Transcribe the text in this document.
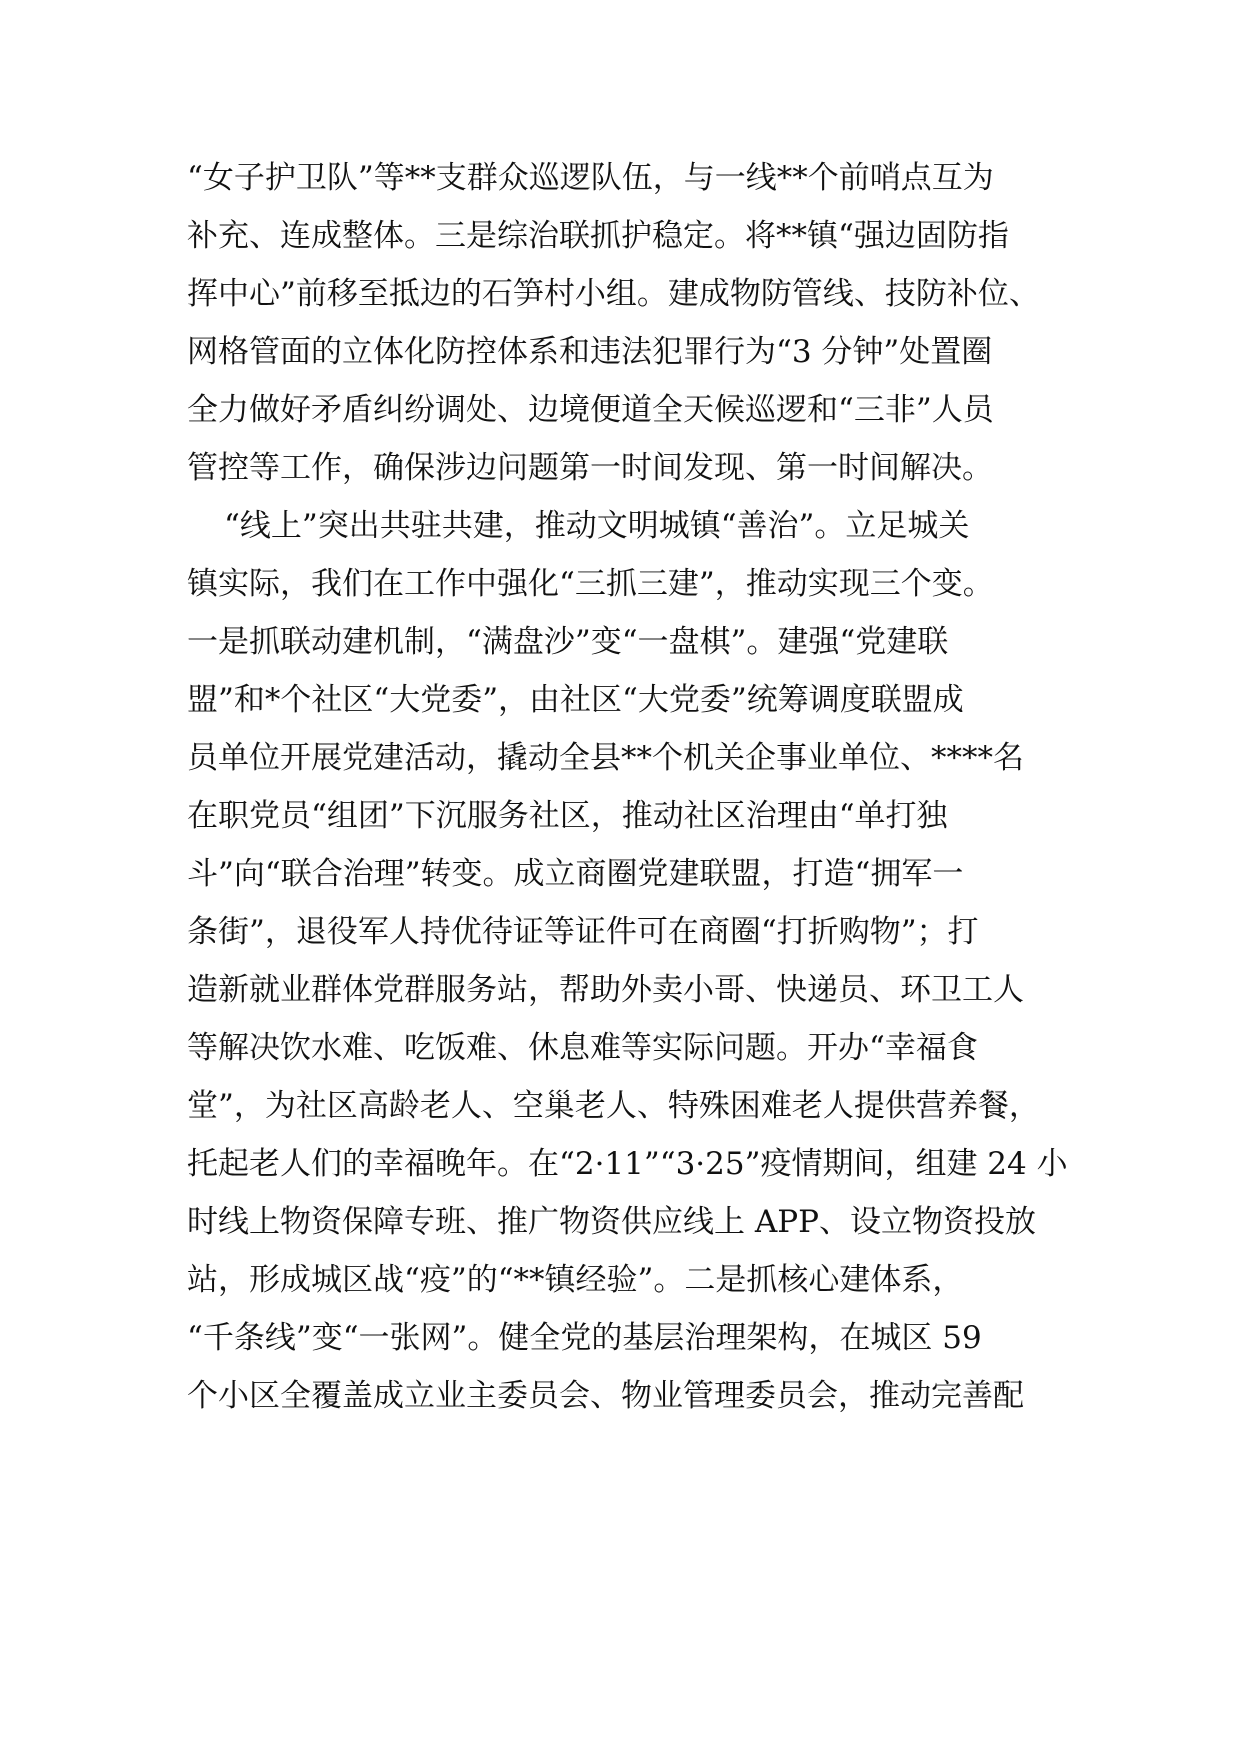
“女子护卫队”等**支群众巡逻队伍，与一线**个前哨点互为
补充、连成整体。三是综治联抓护稳定。将**镇“强边固防指
挥中心”前移至抵边的石笋村小组。建成物防管线、技防补位、
网格管面的立体化防控体系和违法犯罪行为“3 分钟”处置圈
全力做好矛盾纠纷调处、边境便道全天候巡逻和“三非”人员
管控等工作，确保涉边问题第一时间发现、第一时间解决。
“线上”突出共驻共建，推动文明城镇“善治”。立足城关
镇实际，我们在工作中强化“三抓三建”，推动实现三个变。
一是抓联动建机制，“满盘沙”变“一盘棋”。建强“党建联
盟”和*个社区“大党委”，由社区“大党委”统筹调度联盟成
员单位开展党建活动，撬动全县**个机关企事业单位、****名
在职党员“组团”下沉服务社区，推动社区治理由“单打独
斗”向“联合治理”转变。成立商圈党建联盟，打造“拥军一
条街”，退役军人持优待证等证件可在商圈“打折购物”；打
造新就业群体党群服务站，帮助外卖小哥、快递员、环卫工人
等解决饮水难、吃饭难、休息难等实际问题。开办“幸福食
堂”，为社区高龄老人、空巢老人、特殊困难老人提供营养餐，
托起老人们的幸福晚年。在“2·11”“3·25”疫情期间，组建 24 小
时线上物资保障专班、推广物资供应线上 APP、设立物资投放
站，形成城区战“疫”的“**镇经验”。二是抓核心建体系，
“千条线”变“一张网”。健全党的基层治理架构，在城区 59
个小区全覆盖成立业主委员会、物业管理委员会，推动完善配
